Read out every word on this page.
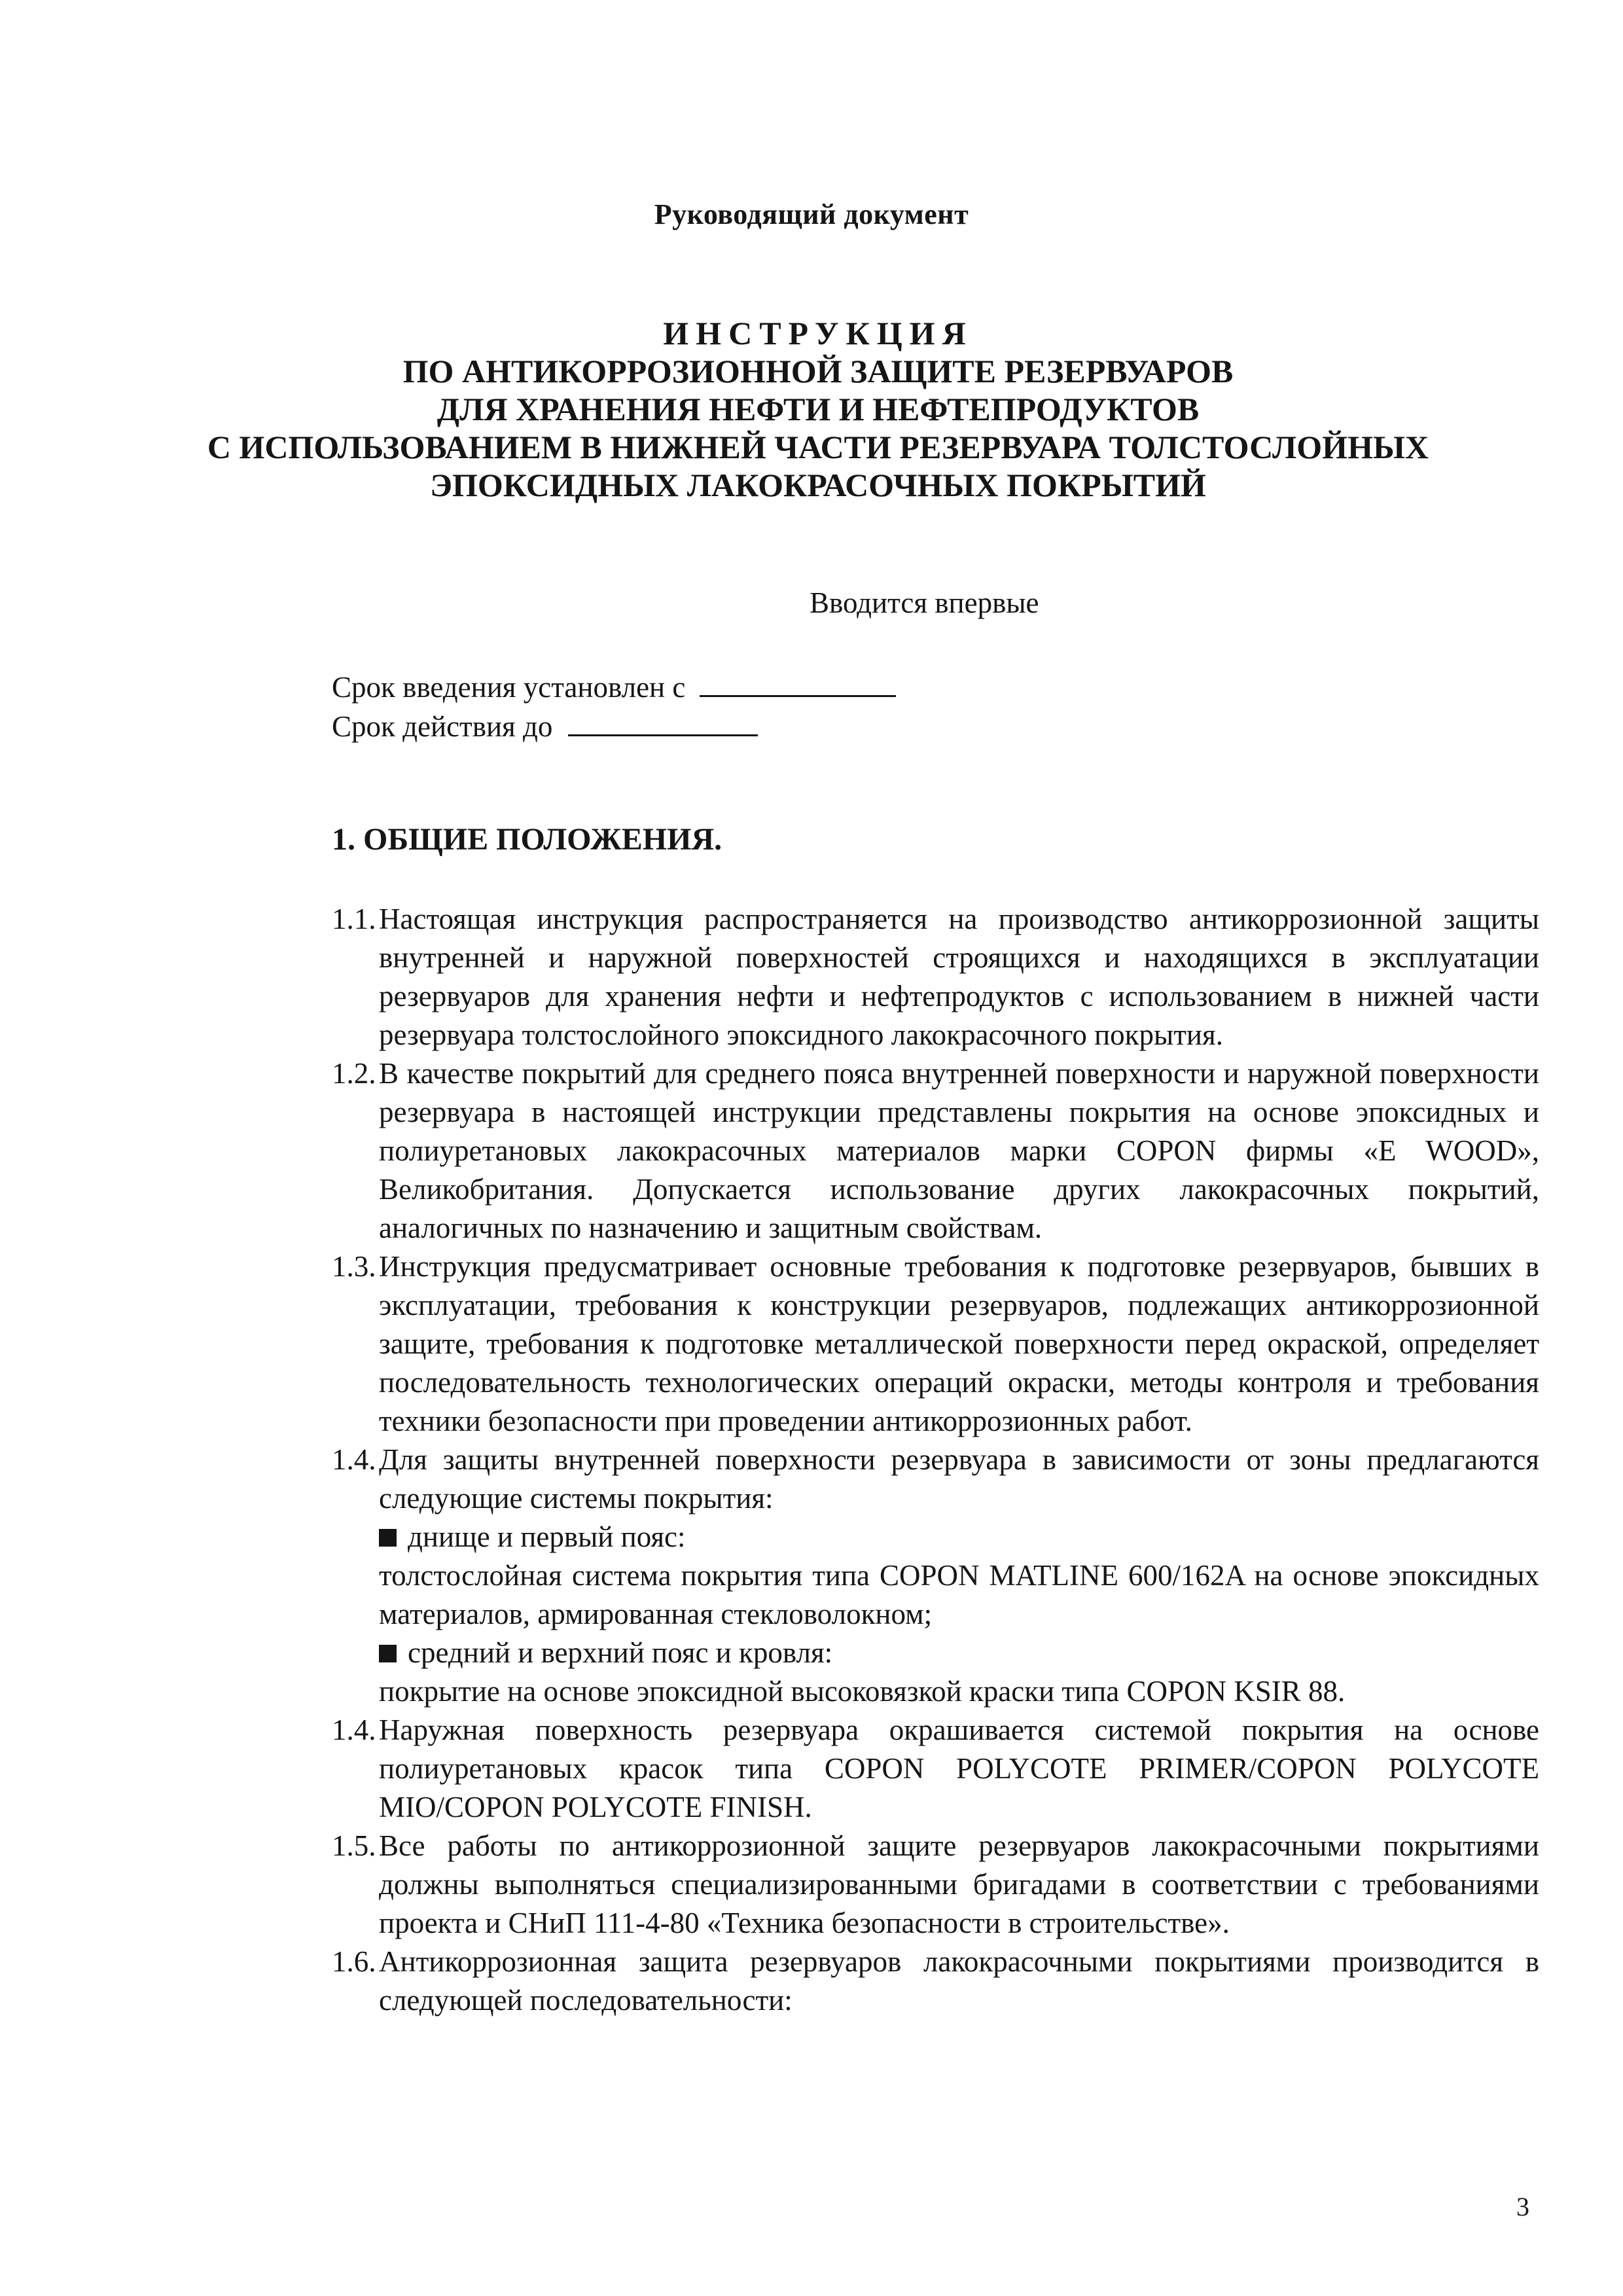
Руководящий документ
ИНСТРУКЦИЯ
ПО АНТИКОРРОЗИОННОЙ ЗАЩИТЕ РЕЗЕРВУАРОВ
ДЛЯ ХРАНЕНИЯ НЕФТИ И НЕФТЕПРОДУКТОВ
С ИСПОЛЬЗОВАНИЕМ В НИЖНЕЙ ЧАСТИ РЕЗЕРВУАРА ТОЛСТОСЛОЙНЫХ
ЭПОКСИДНЫХ ЛАКОКРАСОЧНЫХ ПОКРЫТИЙ
Вводится впервые
Срок введения установлен с
Срок действия до
1. ОБЩИЕ ПОЛОЖЕНИЯ.
1.1. Настоящая инструкция распространяется на производство антикоррозионной защиты внутренней и наружной поверхностей строящихся и находящихся в эксплуатации резервуаров для хранения нефти и нефтепродуктов с использованием в нижней части резервуара толстослойного эпоксидного лакокрасочного покрытия.
1.2. В качестве покрытий для среднего пояса внутренней поверхности и наружной поверхности резервуара в настоящей инструкции представлены покрытия на основе эпоксидных и полиуретановых лакокрасочных материалов марки COPON фирмы «E WOOD», Великобритания. Допускается использование других лакокрасочных покрытий, аналогичных по назначению и защитным свойствам.
1.3. Инструкция предусматривает основные требования к подготовке резервуаров, бывших в эксплуатации, требования к конструкции резервуаров, подлежащих антикоррозионной защите, требования к подготовке металлической поверхности перед окраской, определяет последовательность технологических операций окраски, методы контроля и требования техники безопасности при проведении антикоррозионных работ.
1.4. Для защиты внутренней поверхности резервуара в зависимости от зоны предлагаются следующие системы покрытия:
днище и первый пояс:
толстослойная система покрытия типа COPON MATLINE 600/162A на основе эпоксидных материалов, армированная стекловолокном;
средний и верхний пояс и кровля:
покрытие на основе эпоксидной высоковязкой краски типа COPON KSIR 88.
1.4. Наружная поверхность резервуара окрашивается системой покрытия на основе полиуретановых красок типа COPON POLYCOTE PRIMER/COPON POLYCOTE MIO/COPON POLYCOTE FINISH.
1.5. Все работы по антикоррозионной защите резервуаров лакокрасочными покрытиями должны выполняться специализированными бригадами в соответствии с требованиями проекта и СНиП 111-4-80 «Техника безопасности в строительстве».
1.6. Антикоррозионная защита резервуаров лакокрасочными покрытиями производится в следующей последовательности:
3
